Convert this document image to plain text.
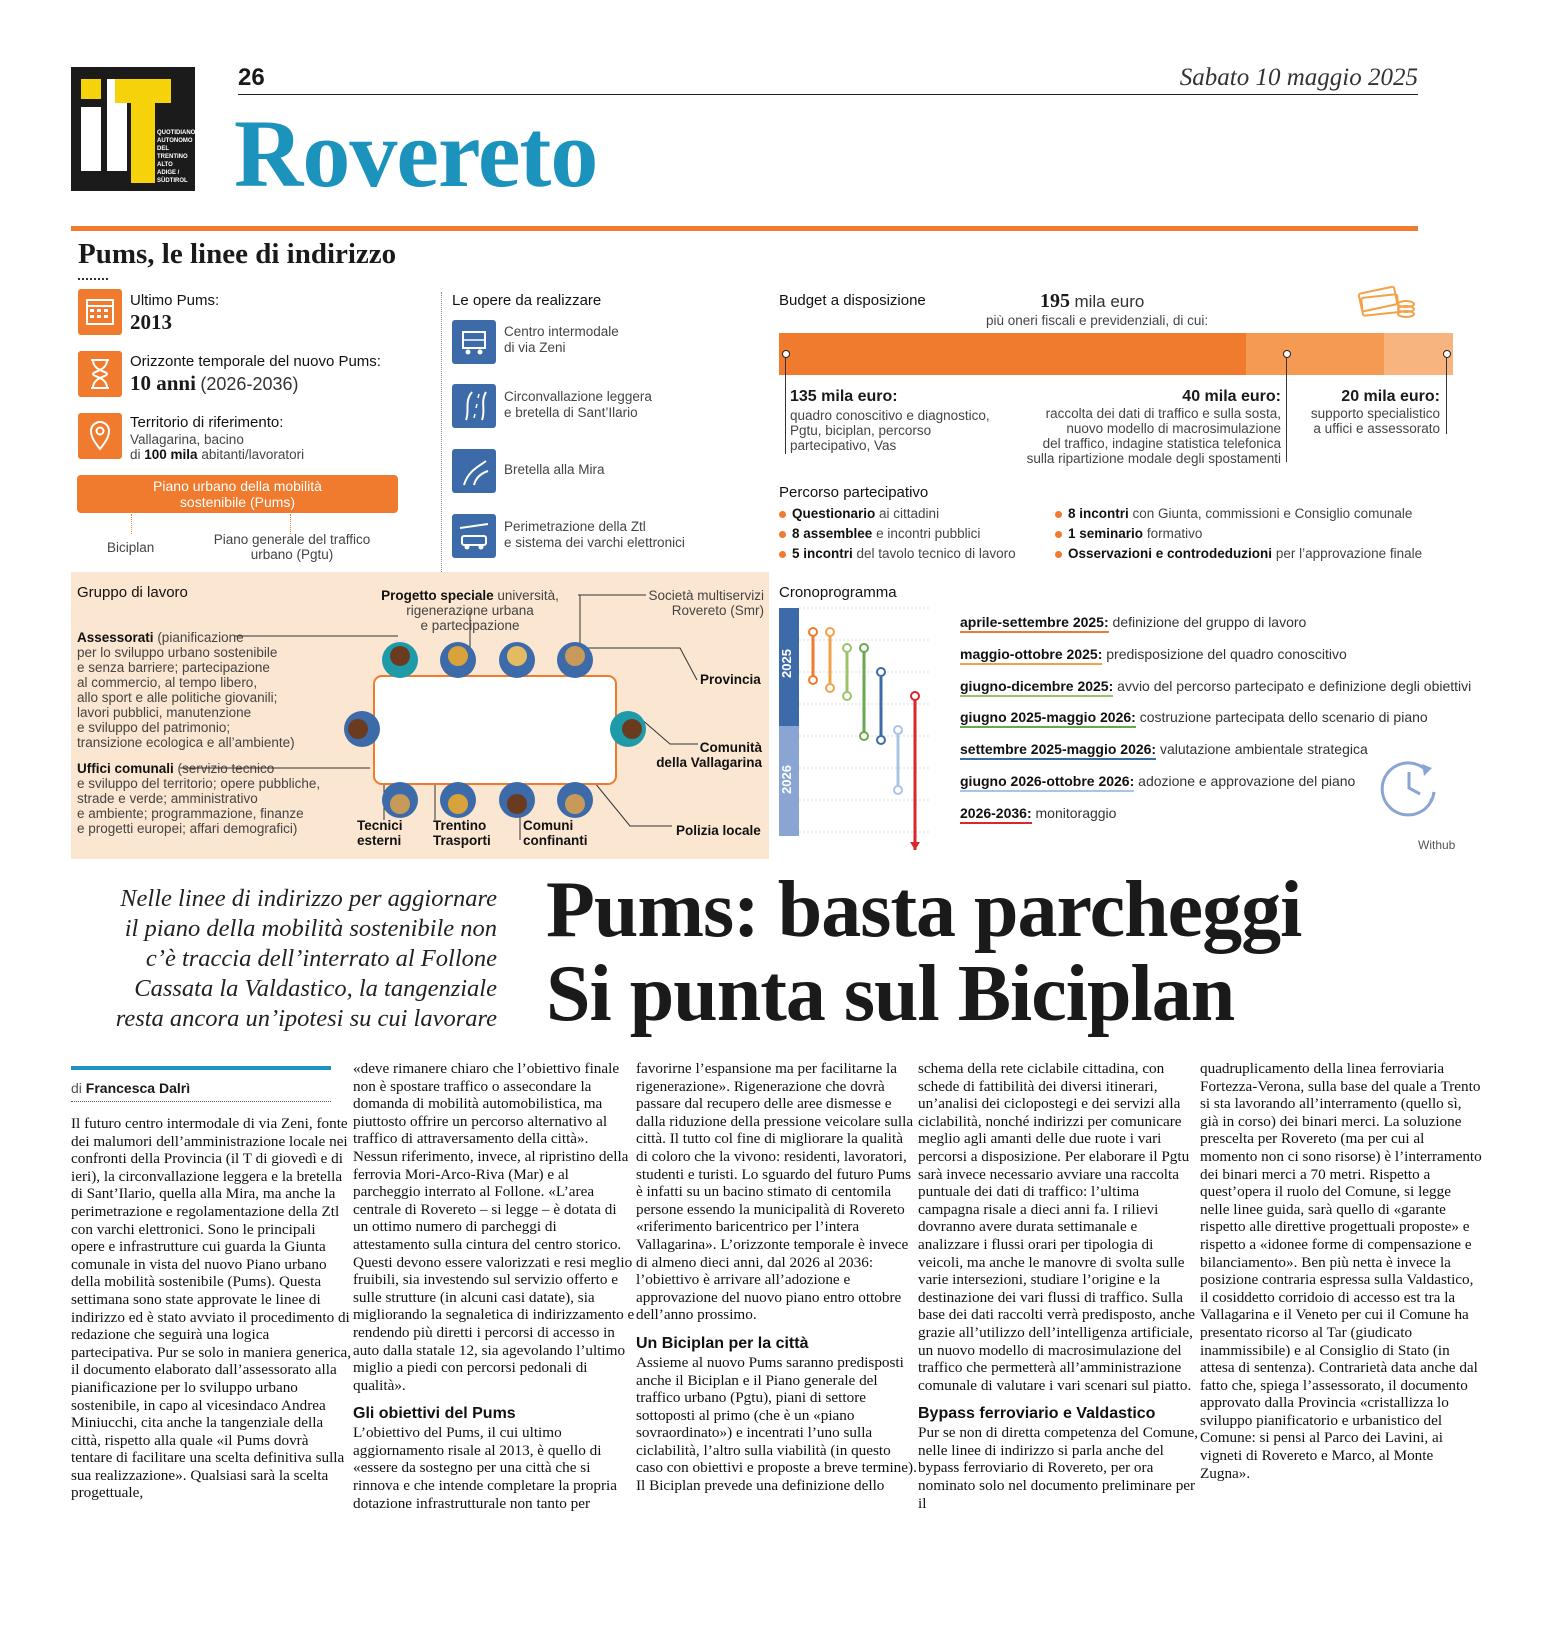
QUOTIDIANO AUTONOMO DEL TRENTINO ALTO ADIGE / SÜDTIROL
26	Sabato 10 maggio 2025
Rovereto
Pums, le linee di indirizzo
Ultimo Pums:
2013
Orizzonte temporale del nuovo Pums:
10 anni (2026-2036)
Territorio di riferimento:
Vallagarina, bacino
di 100 mila abitanti/lavoratori
Piano urbano della mobilità sostenibile (Pums)
Biciplan
Piano generale del traffico urbano (Pgtu)
Le opere da realizzare
Centro intermodale
di via Zeni
Circonvallazione leggera
e bretella di Sant’Ilario
Bretella alla Mira
Perimetrazione della Ztl
e sistema dei varchi elettronici
Budget a disposizione	195 mila euro
più oneri fiscali e previdenziali, di cui:
135 mila euro:
quadro conoscitivo e diagnostico,
Pgtu, biciplan, percorso
partecipativo, Vas
40 mila euro:
raccolta dei dati di traffico e sulla sosta,
nuovo modello di macrosimulazione
del traffico, indagine statistica telefonica
sulla ripartizione modale degli spostamenti
20 mila euro:
supporto specialistico
a uffici e assessorato
Percorso partecipativo
Questionario ai cittadini
8 assemblee e incontri pubblici
5 incontri del tavolo tecnico di lavoro
8 incontri con Giunta, commissioni e Consiglio comunale
1 seminario formativo
Osservazioni e controdeduzioni per l’approvazione finale
Gruppo di lavoro
Assessorati (pianificazione
per lo sviluppo urbano sostenibile
e senza barriere; partecipazione
al commercio, al tempo libero,
allo sport e alle politiche giovanili;
lavori pubblici, manutenzione
e sviluppo del patrimonio;
transizione ecologica e all’ambiente)
Uffici comunali (servizio tecnico
e sviluppo del territorio; opere pubbliche,
strade e verde; amministrativo
e ambiente; programmazione, finanze
e progetti europei; affari demografici)
Progetto speciale università,
rigenerazione urbana
e partecipazione
Società multiservizi
Rovereto (Smr)
Provincia
Comunità
della Vallagarina
Polizia locale
Tecnici
esterni
Trentino
Trasporti
Comuni
confinanti
Cronoprogramma
2025
2026
aprile-settembre 2025:
definizione del gruppo di lavoro
maggio-ottobre 2025:
predisposizione del quadro conoscitivo
giugno-dicembre 2025:
avvio del percorso partecipato e definizione degli obiettivi
giugno 2025-maggio 2026:
costruzione partecipata dello scenario di piano
settembre 2025-maggio 2026:
valutazione ambientale strategica
giugno 2026-ottobre 2026:
adozione e approvazione del piano
2026-2036:
monitoraggio
Withub
Nelle linee di indirizzo per aggiornare
il piano della mobilità sostenibile non
c’è traccia dell’interrato al Follone
Cassata la Valdastico, la tangenziale
resta ancora un’ipotesi su cui lavorare
Pums: basta parcheggi
Si punta sul Biciplan
di Francesca Dalrì

Il futuro centro intermodale di via Zeni, fonte dei malumori dell’amministrazione locale nei confronti della Provincia (il T di giovedì e di ieri), la circonvallazione leggera e la bretella di Sant’Ilario, quella alla Mira, ma anche la perimetrazione e regolamentazione della Ztl con varchi elettronici. Sono le principali opere e infrastrutture cui guarda la Giunta comunale in vista del nuovo Piano urbano della mobilità sostenibile (Pums). Questa settimana sono state approvate le linee di indirizzo ed è stato avviato il procedimento di redazione che seguirà una logica partecipativa. Pur se solo in maniera generica, il documento elaborato dall’assessorato alla pianificazione per lo sviluppo urbano sostenibile, in capo al vicesindaco Andrea Miniucchi, cita anche la tangenziale della città, rispetto alla quale «il Pums dovrà tentare di facilitare una scelta definitiva sulla sua realizzazione». Qualsiasi sarà la scelta progettuale,

«deve rimanere chiaro che l’obiettivo finale non è spostare traffico o assecondare la domanda di mobilità automobilistica, ma piuttosto offrire un percorso alternativo al traffico di attraversamento della città». Nessun riferimento, invece, al ripristino della ferrovia Mori-Arco-Riva (Mar) e al parcheggio interrato al Follone. «L’area centrale di Rovereto – si legge – è dotata di un ottimo numero di parcheggi di attestamento sulla cintura del centro storico. Questi devono essere valorizzati e resi meglio fruibili, sia investendo sul servizio offerto e sulle strutture (in alcuni casi datate), sia migliorando la segnaletica di indirizzamento e rendendo più diretti i percorsi di accesso in auto dalla statale 12, sia agevolando l’ultimo miglio a piedi con percorsi pedonali di qualità».

Gli obiettivi del Pums

L’obiettivo del Pums, il cui ultimo aggiornamento risale al 2013, è quello di «essere da sostegno per una città che si rinnova e che intende completare la propria dotazione infrastrutturale non tanto per

favorirne l’espansione ma per facilitarne la rigenerazione». Rigenerazione che dovrà passare dal recupero delle aree dismesse e dalla riduzione della pressione veicolare sulla città. Il tutto col fine di migliorare la qualità di coloro che la vivono: residenti, lavoratori, studenti e turisti. Lo sguardo del futuro Pums è infatti su un bacino stimato di centomila persone essendo la municipalità di Rovereto «riferimento baricentrico per l’intera Vallagarina». L’orizzonte temporale è invece di almeno dieci anni, dal 2026 al 2036: l’obiettivo è arrivare all’adozione e approvazione del nuovo piano entro ottobre dell’anno prossimo.

Un Biciplan per la città

Assieme al nuovo Pums saranno predisposti anche il Biciplan e il Piano generale del traffico urbano (Pgtu), piani di settore sottoposti al primo (che è un «piano sovraordinato») e incentrati l’uno sulla ciclabilità, l’altro sulla viabilità (in questo caso con obiettivi e proposte a breve termine). Il Biciplan prevede una definizione dello

schema della rete ciclabile cittadina, con schede di fattibilità dei diversi itinerari, un’analisi dei ciclopostegi e dei servizi alla ciclabilità, nonché indirizzi per comunicare meglio agli amanti delle due ruote i vari percorsi a disposizione. Per elaborare il Pgtu sarà invece necessario avviare una raccolta puntuale dei dati di traffico: l’ultima campagna risale a dieci anni fa. I rilievi dovranno avere durata settimanale e analizzare i flussi orari per tipologia di veicoli, ma anche le manovre di svolta sulle varie intersezioni, studiare l’origine e la destinazione dei vari flussi di traffico. Sulla base dei dati raccolti verrà predisposto, anche grazie all’utilizzo dell’intelligenza artificiale, un nuovo modello di macrosimulazione del traffico che permetterà all’amministrazione comunale di valutare i vari scenari sul piatto.

Bypass ferroviario e Valdastico

Pur se non di diretta competenza del Comune, nelle linee di indirizzo si parla anche del bypass ferroviario di Rovereto, per ora nominato solo nel documento preliminare per il

quadruplicamento della linea ferroviaria Fortezza-Verona, sulla base del quale a Trento si sta lavorando all’interramento (quello sì, già in corso) dei binari merci. La soluzione prescelta per Rovereto (ma per cui al momento non ci sono risorse) è l’interramento dei binari merci a 70 metri. Rispetto a quest’opera il ruolo del Comune, si legge nelle linee guida, sarà quello di «garante rispetto alle direttive progettuali proposte» e rispetto a «idonee forme di compensazione e bilanciamento». Ben più netta è invece la posizione contraria espressa sulla Valdastico, il cosiddetto corridoio di accesso est tra la Vallagarina e il Veneto per cui il Comune ha presentato ricorso al Tar (giudicato inammissibile) e al Consiglio di Stato (in attesa di sentenza). Contrarietà data anche dal fatto che, spiega l’assessorato, il documento approvato dalla Provincia «cristallizza lo sviluppo pianificatorio e urbanistico del Comune: si pensi al Parco dei Lavini, ai vigneti di Rovereto e Marco, al Monte Zugna».
